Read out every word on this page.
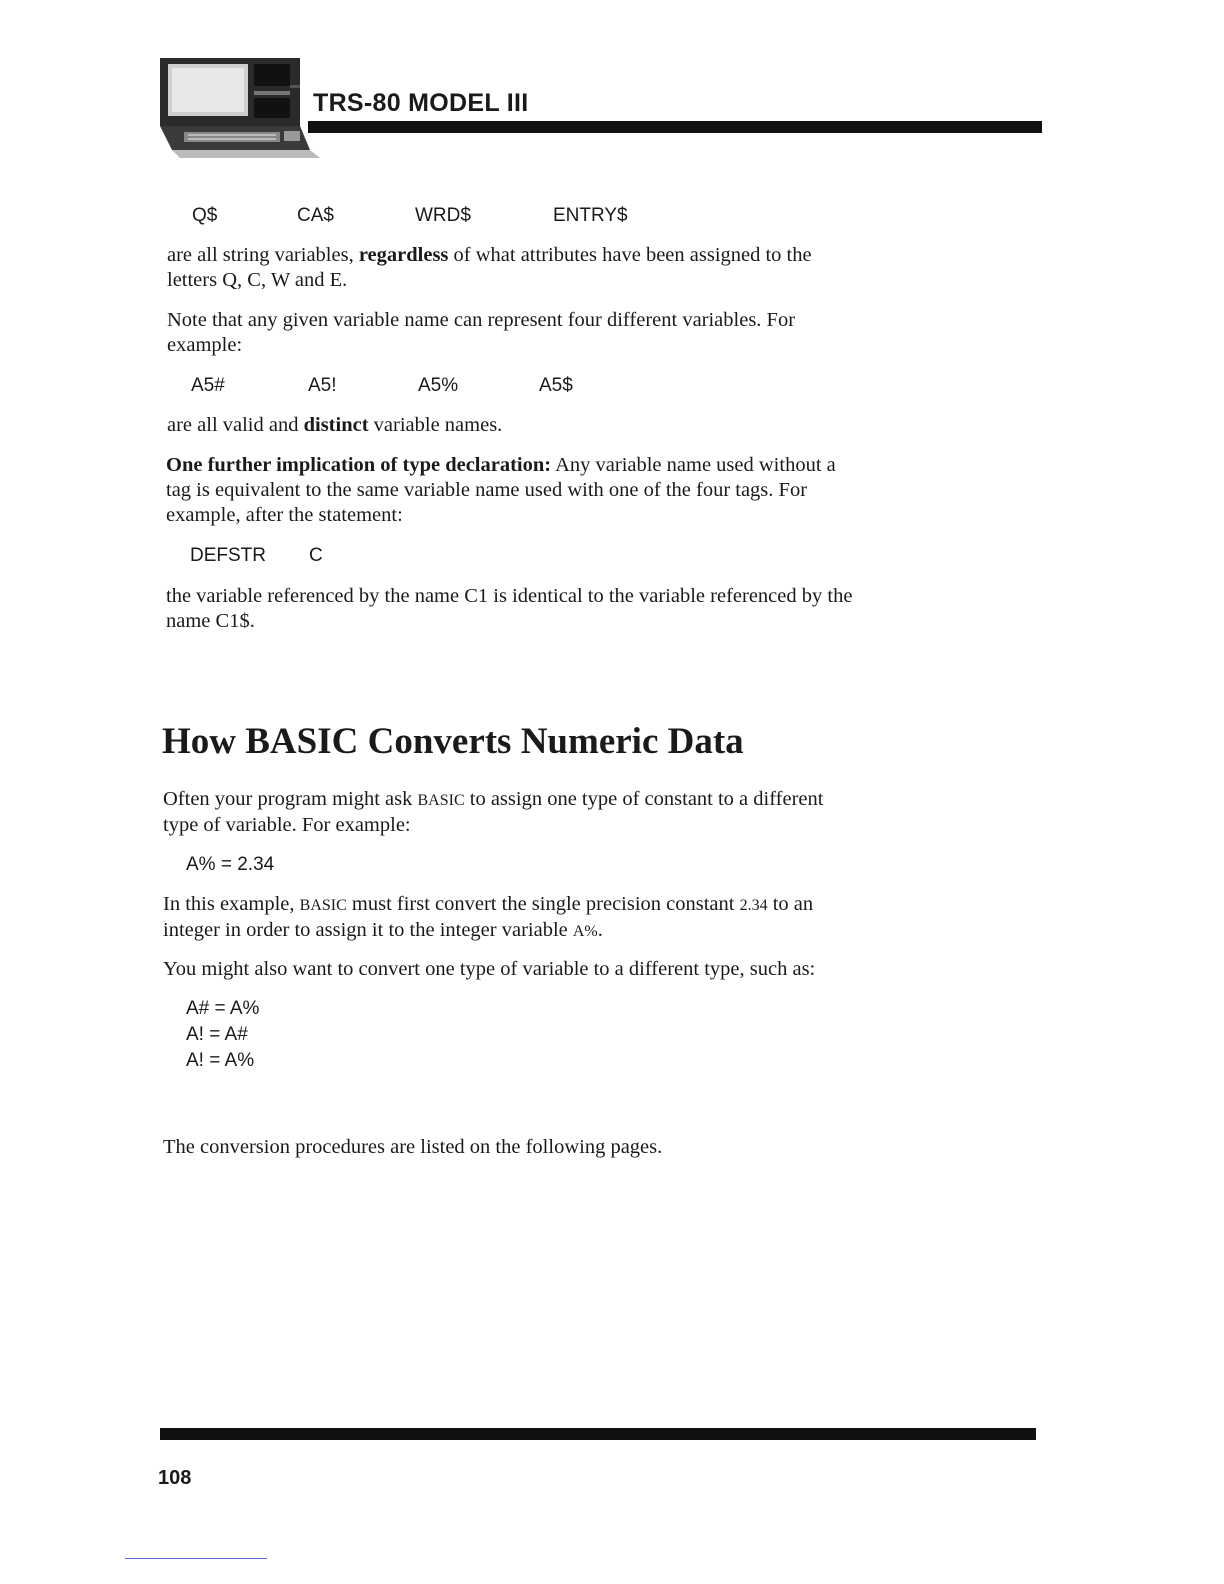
TRS-80 MODEL III
Q$	CA$	WRD$	ENTRY$
are all string variables, regardless of what attributes have been assigned to the
letters Q, C, W and E.
Note that any given variable name can represent four different variables. For
example:
A5#	A5!	A5%	A5$
are all valid and distinct variable names.
One further implication of type declaration: Any variable name used without a
tag is equivalent to the same variable name used with one of the four tags. For
example, after the statement:
DEFSTR C
the variable referenced by the name C1 is identical to the variable referenced by the
name C1$.
How BASIC Converts Numeric Data
Often your program might ask BASIC to assign one type of constant to a different
type of variable. For example:
A% = 2.34
In this example, BASIC must first convert the single precision constant 2.34 to an
integer in order to assign it to the integer variable A%.
You might also want to convert one type of variable to a different type, such as:
A# = A%
A! = A#
A! = A%
The conversion procedures are listed on the following pages.
108
